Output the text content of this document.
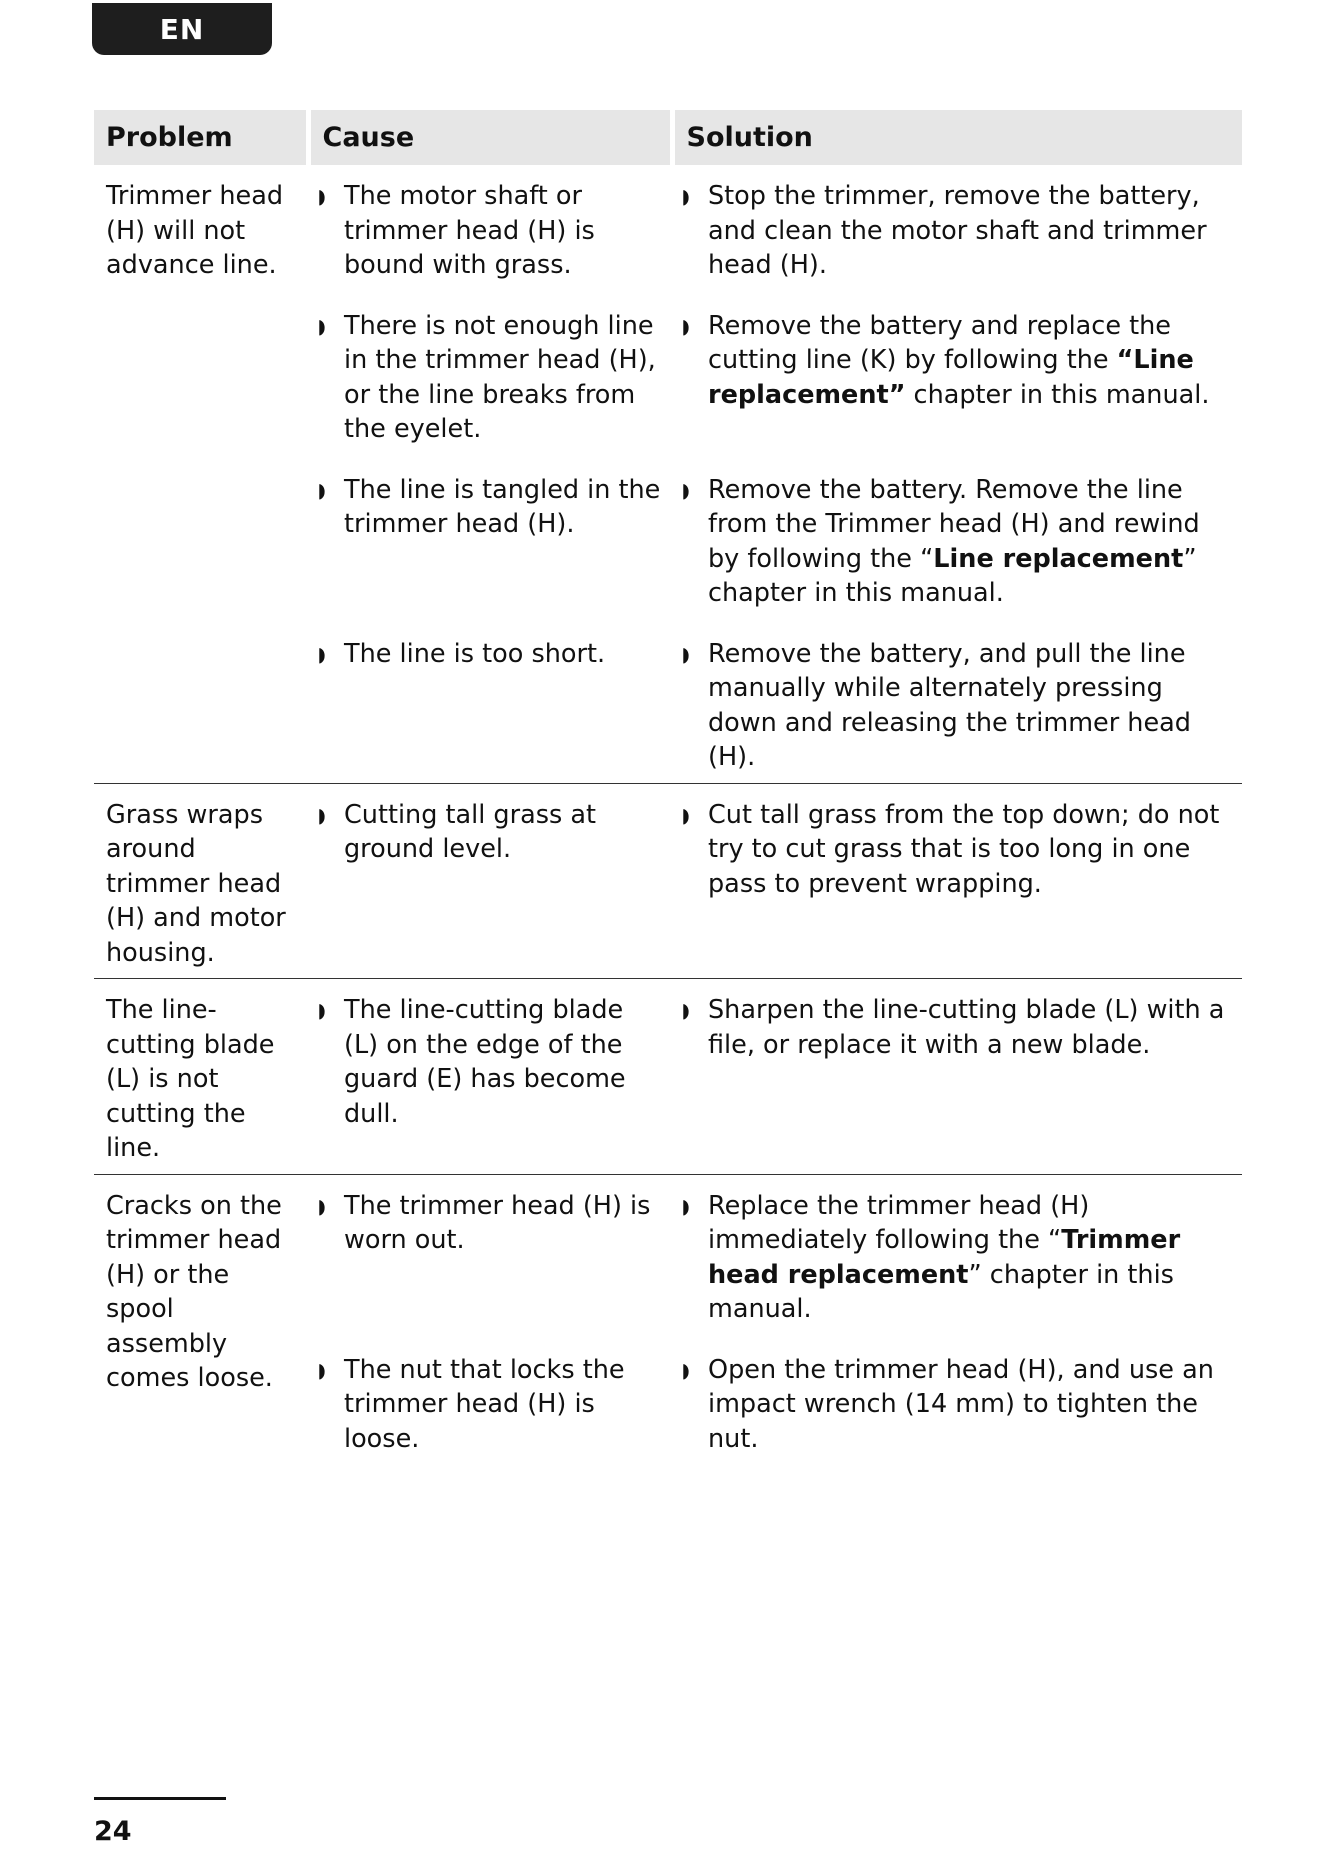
EN
Problem	Cause	Solution
Trimmer head (H) will not advance line.	◗ The motor shaft or trimmer head (H) is bound with grass.	◗ Stop the trimmer, remove the battery, and clean the motor shaft and trimmer head (H).

	◗ There is not enough line in the trimmer head (H), or the line breaks from the eyelet.	◗ Remove the battery and replace the cutting line (K) by following the “Line replacement” chapter in this manual.

	◗ The line is tangled in the trimmer head (H).	◗ Remove the battery. Remove the line from the Trimmer head (H) and rewind by following the “Line replacement” chapter in this manual.

	◗ The line is too short.	◗ Remove the battery, and pull the line manually while alternately pressing down and releasing the trimmer head (H).

Grass wraps around trimmer head (H) and motor housing.	◗ Cutting tall grass at ground level.	◗ Cut tall grass from the top down; do not try to cut grass that is too long in one pass to prevent wrapping.

The line-cutting blade (L) is not cutting the line.	◗ The line-cutting blade (L) on the edge of the guard (E) has become dull.	◗ Sharpen the line-cutting blade (L) with a file, or replace it with a new blade.

Cracks on the trimmer head (H) or the spool assembly comes loose.	◗ The trimmer head (H) is worn out.	◗ Replace the trimmer head (H) immediately following the “Trimmer head replacement” chapter in this manual.

	◗ The nut that locks the trimmer head (H) is loose.	◗ Open the trimmer head (H), and use an impact wrench (14 mm) to tighten the nut.
24
